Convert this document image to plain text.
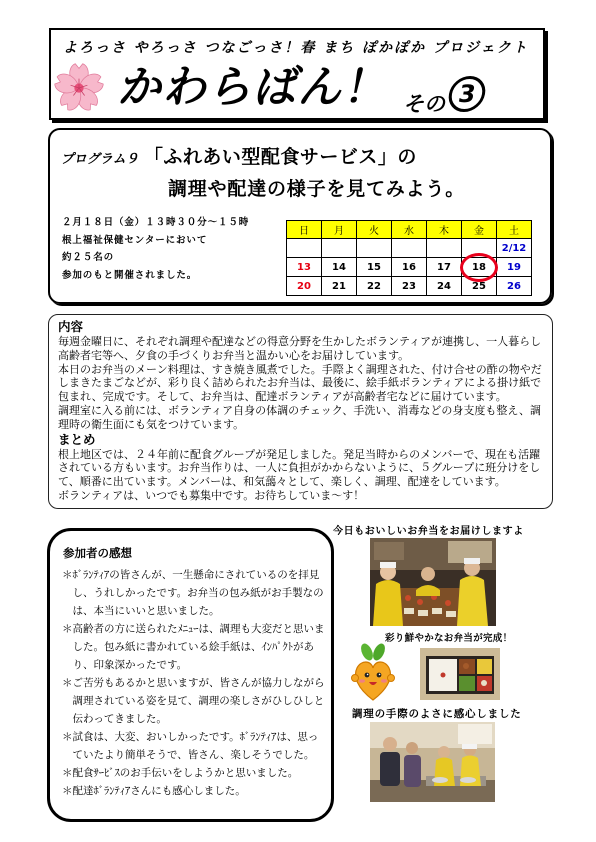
よろっさ やろっさ つなごっさ！春 まち ぽかぽか プロジェクト
かわらばん！ その 3
プログラム９ 「ふれあい型配食サービス」の
調理や配達の様子を見てみよう。
２月１８日（金）１３時３０分～１５時
根上福祉保健センターにおいて
約２５名の
参加のもと開催されました。
日	月	火	水	木	金	土
						2/12
13	14	15	16	17	18	19
20	21	22	23	24	25	26

内容

毎週金曜日に、それぞれ調理や配達などの得意分野を生かしたボランティアが連携し、一人暮らし高齢者宅等へ、夕食の手づくりお弁当と温かい心をお届けしています。

本日のお弁当のメーン料理は、すき焼き風煮でした。手際よく調理された、付け合せの酢の物やだしまきたまごなどが、彩り良く詰められたお弁当は、最後に、絵手紙ボランティアによる掛け紙で包まれ、完成です。そして、お弁当は、配達ボランティアが高齢者宅などに届けています。

調理室に入る前には、ボランティア自身の体調のチェック、手洗い、消毒などの身支度も整え、調理時の衛生面にも気をつけています。

まとめ

根上地区では、２４年前に配食グループが発足しました。発足当時からのメンバーで、現在も活躍されている方もいます。お弁当作りは、一人に負担がかからないように、５グループに班分けをして、順番に出ています。メンバーは、和気藹々として、楽しく、調理、配達をしています。

ボランティアは、いつでも募集中です。お待ちしていま～す！

参加者の感想
＊ﾎﾞﾗﾝﾃｨｱの皆さんが、一生懸命にされているのを拝見し、うれしかったです。お弁当の包み紙がお手製なのは、本当にいいと思いました。
＊高齢者の方に送られたﾒﾆｭｰは、調理も大変だと思いました。包み紙に書かれている絵手紙は、ｲﾝﾊﾟｸﾄがあり、印象深かったです。
＊ご苦労もあるかと思いますが、皆さんが協力しながら調理されている姿を見て、調理の楽しさがひしひしと伝わってきました。
＊試食は、大変、おいしかったです。ﾎﾞﾗﾝﾃｨｱは、思っていたより簡単そうで、皆さん、楽しそうでした。
＊配食ｻｰﾋﾞｽのお手伝いをしようかと思いました。
＊配達ﾎﾞﾗﾝﾃｨｱさんにも感心しました。
今日もおいしいお弁当をお届けしますよ
彩り鮮やかなお弁当が完成！
調理の手際のよさに感心しました
